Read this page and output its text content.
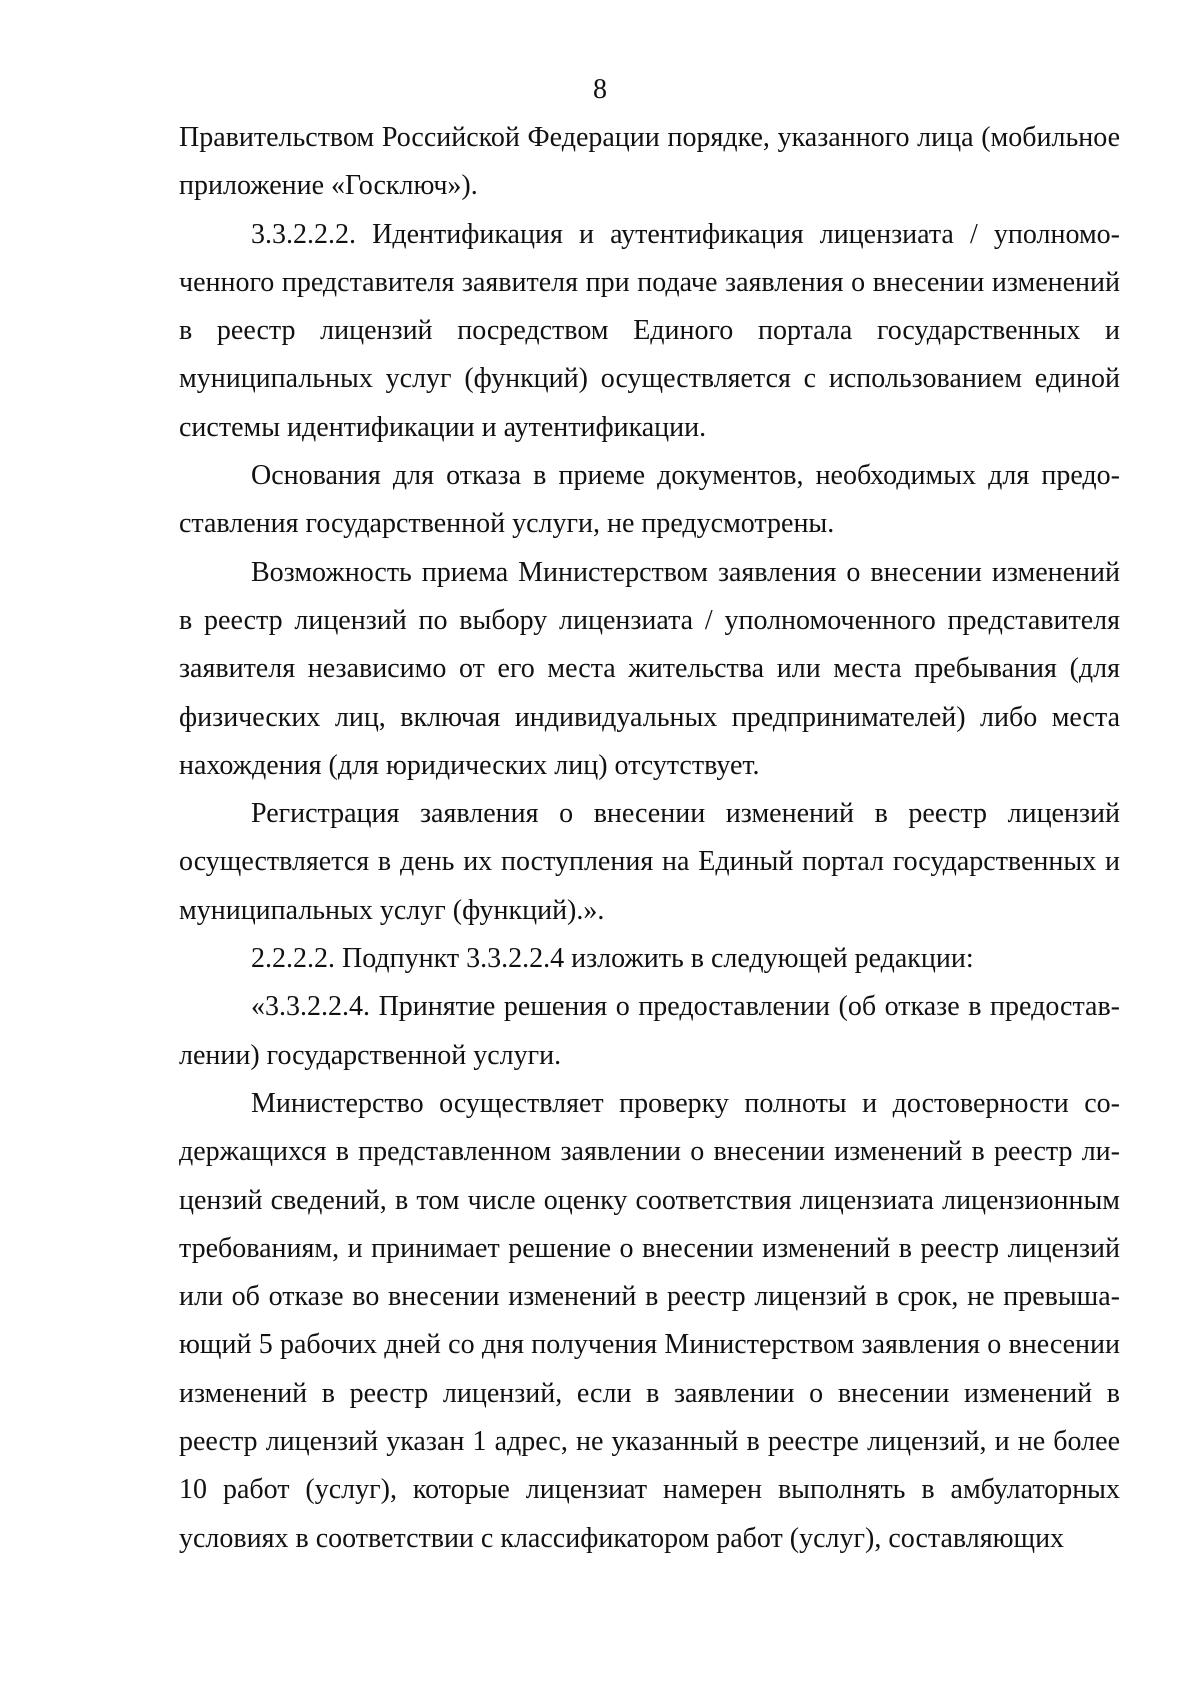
8

Правительством Российской Федерации порядке, указанного лица (мобильное приложение «Госключ»).

3.3.2.2.2. Идентификация и аутентификация лицензиата / уполномоченного представителя заявителя при подаче заявления о внесении изменений в реестр лицензий посредством Единого портала государственных и муниципальных услуг (функций) осуществляется с использованием единой системы идентификации и аутентификации.

Основания для отказа в приеме документов, необходимых для предоставления государственной услуги, не предусмотрены.

Возможность приема Министерством заявления о внесении изменений в реестр лицензий по выбору лицензиата / уполномоченного представителя заявителя независимо от его места жительства или места пребывания (для физических лиц, включая индивидуальных предпринимателей) либо места нахождения (для юридических лиц) отсутствует.

Регистрация заявления о внесении изменений в реестр лицензий осуществляется в день их поступления на Единый портал государственных и муниципальных услуг (функций).».

2.2.2.2. Подпункт 3.3.2.2.4 изложить в следующей редакции:

«3.3.2.2.4. Принятие решения о предоставлении (об отказе в предоставлении) государственной услуги.

Министерство осуществляет проверку полноты и достоверности содержащихся в представленном заявлении о внесении изменений в реестр лицензий сведений, в том числе оценку соответствия лицензиата лицензионным требованиям, и принимает решение о внесении изменений в реестр лицензий или об отказе во внесении изменений в реестр лицензий в срок, не превышающий 5 рабочих дней со дня получения Министерством заявления о внесении изменений в реестр лицензий, если в заявлении о внесении изменений в реестр лицензий указан 1 адрес, не указанный в реестре лицензий, и не более 10 работ (услуг), которые лицензиат намерен выполнять в амбулаторных условиях в соответствии с классификатором работ (услуг), составляющих
